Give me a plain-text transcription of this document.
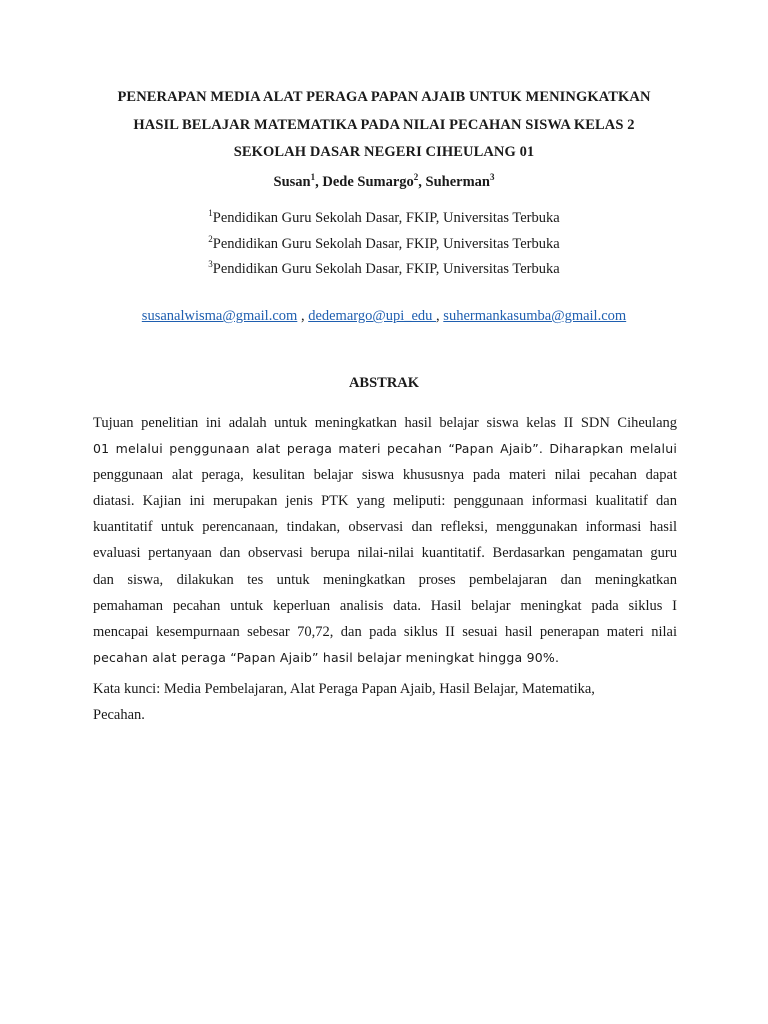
PENERAPAN MEDIA ALAT PERAGA PAPAN AJAIB UNTUK MENINGKATKAN
HASIL BELAJAR MATEMATIKA PADA NILAI PECAHAN SISWA KELAS 2
SEKOLAH DASAR NEGERI CIHEULANG 01
Susan$^1$, Dede Sumargo$^2$, Suherman$^3$
$^1$Pendidikan Guru Sekolah Dasar, FKIP, Universitas Terbuka
$^2$Pendidikan Guru Sekolah Dasar, FKIP, Universitas Terbuka
$^3$Pendidikan Guru Sekolah Dasar, FKIP, Universitas Terbuka
susanalwisma@gmail.com , dedemargo@upi_edu , suhermankasumba@gmail.com
ABSTRAK
Tujuan penelitian ini adalah untuk meningkatkan hasil belajar siswa kelas II SDN Ciheulang
01 melalui penggunaan alat peraga materi pecahan “Papan Ajaib”. Diharapkan melalui
penggunaan alat peraga, kesulitan belajar siswa khususnya pada materi nilai pecahan dapat
diatasi. Kajian ini merupakan jenis PTK yang meliputi: penggunaan informasi kualitatif dan
kuantitatif untuk perencanaan, tindakan, observasi dan refleksi, menggunakan informasi hasil
evaluasi pertanyaan dan observasi berupa nilai-nilai kuantitatif. Berdasarkan pengamatan guru
dan siswa, dilakukan tes untuk meningkatkan proses pembelajaran dan meningkatkan
pemahaman pecahan untuk keperluan analisis data. Hasil belajar meningkat pada siklus I
mencapai kesempurnaan sebesar 70,72, dan pada siklus II sesuai hasil penerapan materi nilai
pecahan alat peraga “Papan Ajaib” hasil belajar meningkat hingga 90%.
Kata kunci: Media Pembelajaran, Alat Peraga Papan Ajaib, Hasil Belajar, Matematika,
Pecahan.
